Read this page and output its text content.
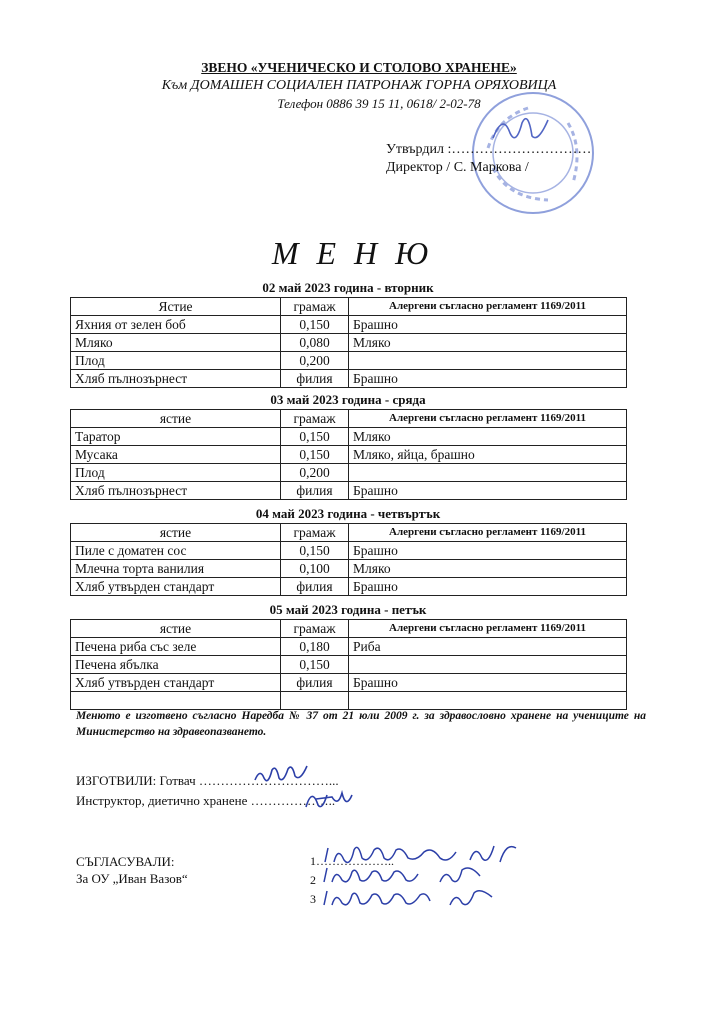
ЗВЕНО «УЧЕНИЧЕСКО И СТОЛОВО ХРАНЕНЕ»
Към ДОМАШЕН СОЦИАЛЕН ПАТРОНАЖ ГОРНА ОРЯХОВИЦА
Телефон 0886 39 15 11, 0618/ 2-02-78
Утвърдил :…………………………
Директор / С. Маркова /
МЕНЮ
02 май 2023 година - вторник
Ястие	грамаж	Алергени съгласно регламент 1169/2011
Яхния от зелен боб	0,150	Брашно
Мляко	0,080	Мляко
Плод	0,200	
Хляб пълнозърнест	филия	Брашно
03 май 2023 година - сряда
ястие	грамаж	Алергени съгласно регламент 1169/2011
Таратор	0,150	Мляко
Мусака	0,150	Мляко, яйца, брашно
Плод	0,200	
Хляб пълнозърнест	филия	Брашно
04 май 2023 година - четвъртък
ястие	грамаж	Алергени съгласно регламент 1169/2011
Пиле с доматен сос	0,150	Брашно
Млечна торта ванилия	0,100	Мляко
Хляб утвърден стандарт	филия	Брашно
05 май 2023 година - петък
ястие	грамаж	Алергени съгласно регламент 1169/2011
Печена риба със зеле	0,180	Риба
Печена ябълка	0,150	
Хляб утвърден стандарт	филия	Брашно

Менюто е изготвено съгласно Наредба № 37 от 21 юли 2009 г. за здравословно хранене на учениците на Министерство на здравеопазването.
ИЗГОТВИЛИ: Готвач …………………………...
Инструктор, диетично хранене ………………..
СЪГЛАСУВАЛИ:
За ОУ „Иван Вазов“
1………………..
2
3
